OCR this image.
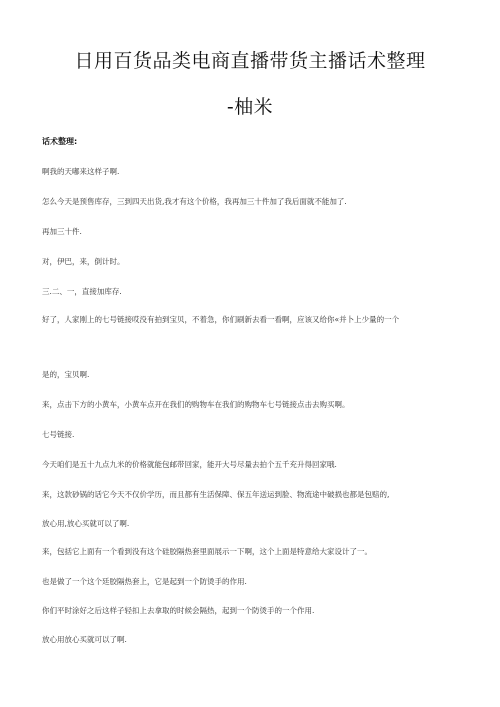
日用百货品类电商直播带货主播话术整理
-柚米
话术整理:
啊我的天嘟来这样子啊.
怎么今天是预售库存，三到四天出货,我才有这个价格，我再加三十件加了我后面就不能加了.
再加三十件.
对，伊巴，来，倒计时。
三.二、一，直接加库存.
好了，人家刚上的七号链接哎没有拍到宝贝，不着急，你们刷新去看一看啊，应该又给你«并卜上少量的一个
是的，宝贝啊.
来，点击下方的小黄车，小黄车点开在我们的购物车在我们的购物车七号链接点击去购买啊。
七号链接.
今天咱们是五十九点九米的价格就能包邮带回家，能开大号尽量去拍个五千充升得回家哦.
来，这款砂锅的话它今天不仅价学历，而且都有生活保障、保五年送运到脸、物流途中破损也都是包赔的,
放心用,放心买就可以了啊.
来，包括它上面有一个看到没有这个硅胶隔热套里面展示一下啊，这个上面是特意给大家设计了一。
也是做了一个这个廷胶隔热套上，它是起到一个防烫手的作用.
你们平时涂好之后这样子轻扣上去拿取的时候会隔热，起到一个防烫手的一个作用.
放心用放心买就可以了啊.
